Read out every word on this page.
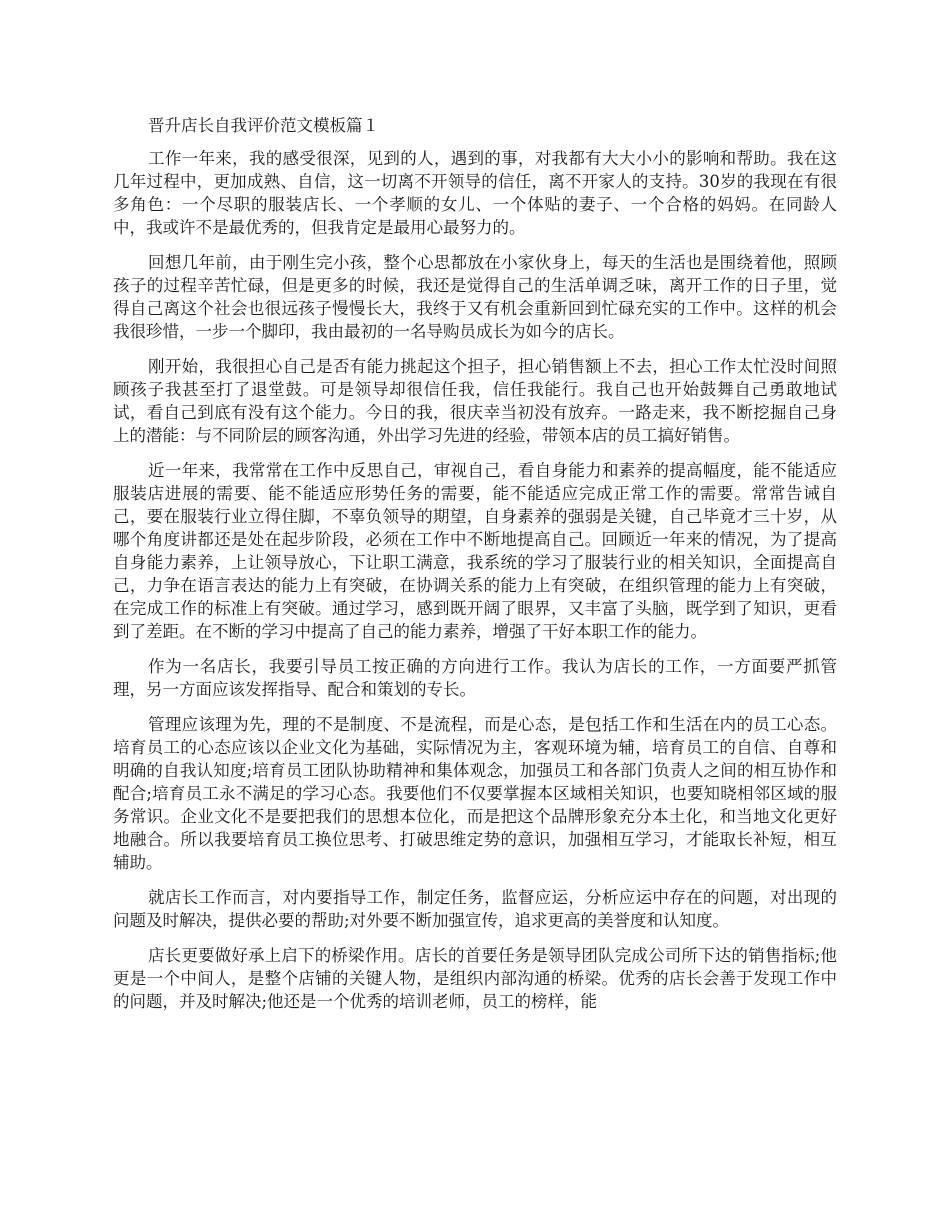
晋升店长自我评价范文模板篇１

工作一年来，我的感受很深，见到的人，遇到的事，对我都有大大小小的影响和帮助。我在这几年过程中，更加成熟、自信，这一切离不开领导的信任，离不开家人的支持。30岁的我现在有很多角色：一个尽职的服装店长、一个孝顺的女儿、一个体贴的妻子、一个合格的妈妈。在同龄人中，我或许不是最优秀的，但我肯定是最用心最努力的。

回想几年前，由于刚生完小孩，整个心思都放在小家伙身上，每天的生活也是围绕着他，照顾孩子的过程辛苦忙碌，但是更多的时候，我还是觉得自己的生活单调乏味，离开工作的日子里，觉得自己离这个社会也很远孩子慢慢长大，我终于又有机会重新回到忙碌充实的工作中。这样的机会我很珍惜，一步一个脚印，我由最初的一名导购员成长为如今的店长。

刚开始，我很担心自己是否有能力挑起这个担子，担心销售额上不去，担心工作太忙没时间照顾孩子我甚至打了退堂鼓。可是领导却很信任我，信任我能行。我自己也开始鼓舞自己勇敢地试试，看自己到底有没有这个能力。今日的我，很庆幸当初没有放弃。一路走来，我不断挖掘自己身上的潜能：与不同阶层的顾客沟通，外出学习先进的经验，带领本店的员工搞好销售。

近一年来，我常常在工作中反思自己，审视自己，看自身能力和素养的提高幅度，能不能适应服装店进展的需要、能不能适应形势任务的需要，能不能适应完成正常工作的需要。常常告诫自己，要在服装行业立得住脚，不辜负领导的期望，自身素养的强弱是关键，自己毕竟才三十岁，从哪个角度讲都还是处在起步阶段，必须在工作中不断地提高自己。回顾近一年来的情况，为了提高自身能力素养，上让领导放心，下让职工满意，我系统的学习了服装行业的相关知识，全面提高自己，力争在语言表达的能力上有突破，在协调关系的能力上有突破，在组织管理的能力上有突破，在完成工作的标准上有突破。通过学习，感到既开阔了眼界，又丰富了头脑，既学到了知识，更看到了差距。在不断的学习中提高了自己的能力素养，增强了干好本职工作的能力。

作为一名店长，我要引导员工按正确的方向进行工作。我认为店长的工作，一方面要严抓管理，另一方面应该发挥指导、配合和策划的专长。

管理应该理为先，理的不是制度、不是流程，而是心态，是包括工作和生活在内的员工心态。培育员工的心态应该以企业文化为基础，实际情况为主，客观环境为辅，培育员工的自信、自尊和明确的自我认知度;培育员工团队协助精神和集体观念，加强员工和各部门负责人之间的相互协作和配合;培育员工永不满足的学习心态。我要他们不仅要掌握本区域相关知识，也要知晓相邻区域的服务常识。企业文化不是要把我们的思想本位化，而是把这个品牌形象充分本土化，和当地文化更好地融合。所以我要培育员工换位思考、打破思维定势的意识，加强相互学习，才能取长补短，相互辅助。

就店长工作而言，对内要指导工作，制定任务，监督应运，分析应运中存在的问题，对出现的问题及时解决，提供必要的帮助;对外要不断加强宣传，追求更高的美誉度和认知度。

店长更要做好承上启下的桥梁作用。店长的首要任务是领导团队完成公司所下达的销售指标;他更是一个中间人，是整个店铺的关键人物，是组织内部沟通的桥梁。优秀的店长会善于发现工作中的问题，并及时解决;他还是一个优秀的培训老师，员工的榜样，能
